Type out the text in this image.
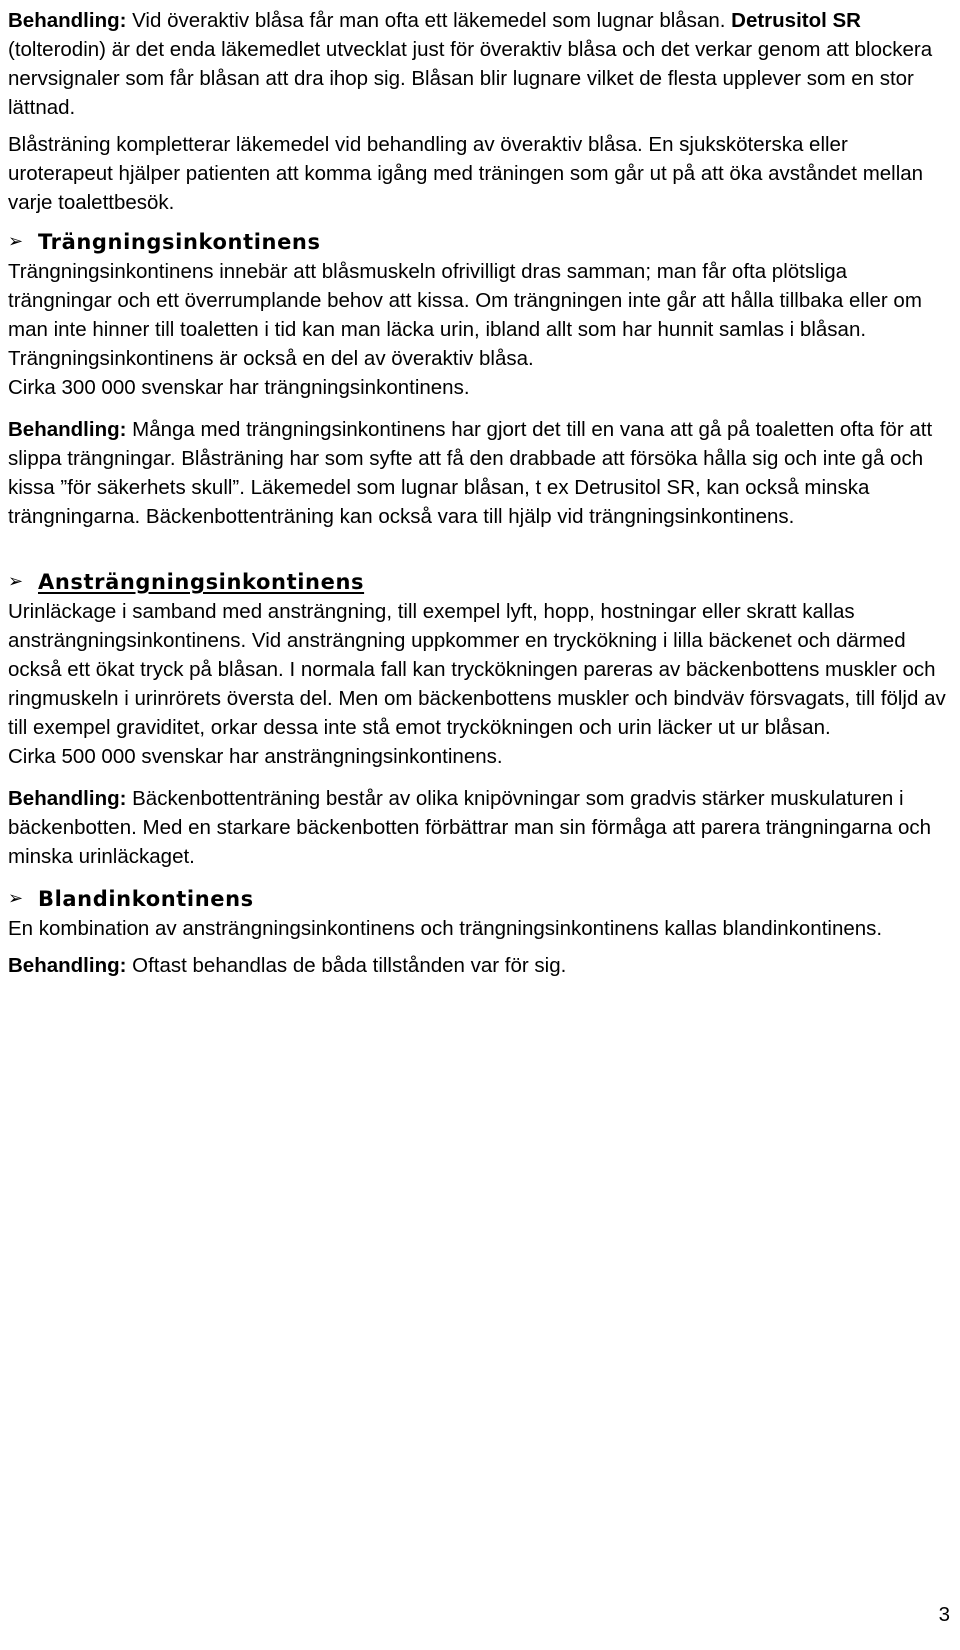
Behandling: Vid överaktiv blåsa får man ofta ett läkemedel som lugnar blåsan. Detrusitol SR (tolterodin) är det enda läkemedlet utvecklat just för överaktiv blåsa och det verkar genom att blockera nervsignaler som får blåsan att dra ihop sig. Blåsan blir lugnare vilket de flesta upplever som en stor lättnad.

Blåsträning kompletterar läkemedel vid behandling av överaktiv blåsa. En sjuksköterska eller uroterapeut hjälper patienten att komma igång med träningen som går ut på att öka avståndet mellan varje toalettbesök.

➢ Trängningsinkontinens

Trängningsinkontinens innebär att blåsmuskeln ofrivilligt dras samman; man får ofta plötsliga trängningar och ett överrumplande behov att kissa. Om trängningen inte går att hålla tillbaka eller om man inte hinner till toaletten i tid kan man läcka urin, ibland allt som har hunnit samlas i blåsan. Trängningsinkontinens är också en del av överaktiv blåsa.

Cirka 300 000 svenskar har trängningsinkontinens.

Behandling: Många med trängningsinkontinens har gjort det till en vana att gå på toaletten ofta för att slippa trängningar. Blåsträning har som syfte att få den drabbade att försöka hålla sig och inte gå och kissa ”för säkerhets skull”. Läkemedel som lugnar blåsan, t ex Detrusitol SR, kan också minska trängningarna. Bäckenbottenträning kan också vara till hjälp vid trängningsinkontinens.

➢ Ansträngningsinkontinens

Urinläckage i samband med ansträngning, till exempel lyft, hopp, hostningar eller skratt kallas ansträngningsinkontinens. Vid ansträngning uppkommer en tryckökning i lilla bäckenet och därmed också ett ökat tryck på blåsan. I normala fall kan tryckökningen pareras av bäckenbottens muskler och ringmuskeln i urinrörets översta del. Men om bäckenbottens muskler och bindväv försvagats, till följd av till exempel graviditet, orkar dessa inte stå emot tryckökningen och urin läcker ut ur blåsan.

Cirka 500 000 svenskar har ansträngningsinkontinens.

Behandling: Bäckenbottenträning består av olika knipövningar som gradvis stärker muskulaturen i bäckenbotten. Med en starkare bäckenbotten förbättrar man sin förmåga att parera trängningarna och minska urinläckaget.

➢ Blandinkontinens

En kombination av ansträngningsinkontinens och trängningsinkontinens kallas blandinkontinens.

Behandling: Oftast behandlas de båda tillstånden var för sig.

3
